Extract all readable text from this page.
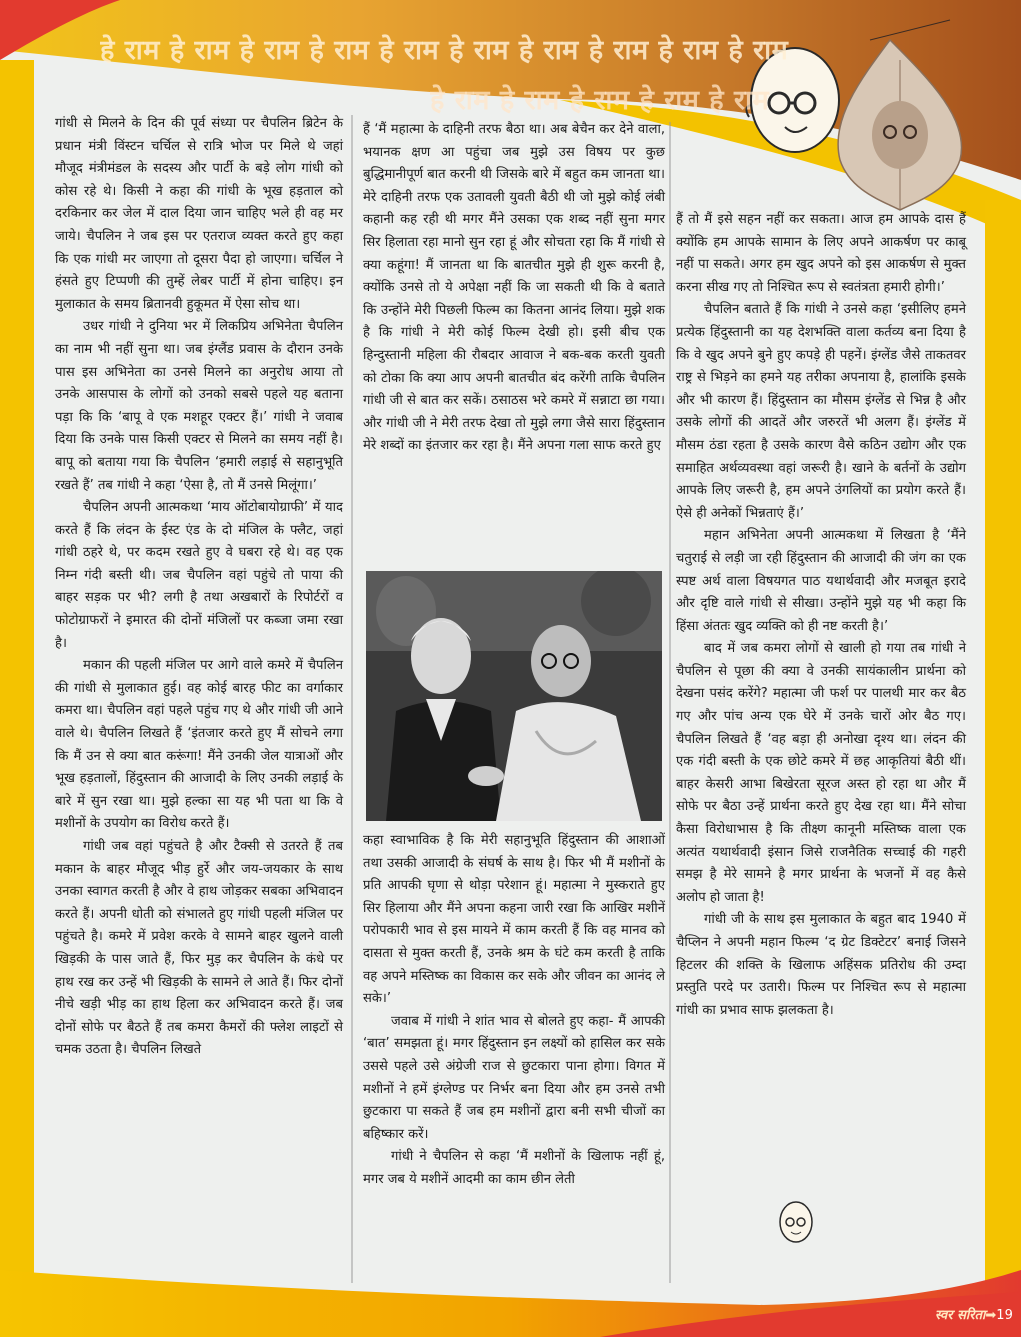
हे राम हे राम हे राम हे राम हे राम हे राम हे राम हे राम हे राम हे राम
हे राम हे राम हे राम हे राम हे राम

गांधी से मिलने के दिन की पूर्व संध्या पर चैपलिन ब्रिटेन के प्रधान मंत्री विंस्टन चर्चिल से रात्रि भोज पर मिले थे जहां मौजूद मंत्रीमंडल के सदस्य और पार्टी के बड़े लोग गांधी को कोस रहे थे। किसी ने कहा की गांधी के भूख हड़ताल को दरकिनार कर जेल में दाल दिया जान चाहिए भले ही वह मर जाये। चैपलिन ने जब इस पर एतराज व्यक्त करते हुए कहा कि एक गांधी मर जाएगा तो दूसरा पैदा हो जाएगा। चर्चिल ने हंसते हुए टिप्पणी की तुम्हें लेबर पार्टी में होना चाहिए। इन मुलाकात के समय ब्रितानवी हुकूमत में ऐसा सोच था।

उधर गांधी ने दुनिया भर में लिकप्रिय अभिनेता चैपलिन का नाम भी नहीं सुना था। जब इंग्लैंड प्रवास के दौरान उनके पास इस अभिनेता का उनसे मिलने का अनुरोध आया तो उनके आसपास के लोगों को उनको सबसे पहले यह बताना पड़ा कि कि ‘बापू वे एक मशहूर एक्टर हैं।’ गांधी ने जवाब दिया कि उनके पास किसी एक्टर से मिलने का समय नहीं है। बापू को बताया गया कि चैपलिन ‘हमारी लड़ाई से सहानुभूति रखते हैं’ तब गांधी ने कहा ‘ऐसा है, तो मैं उनसे मिलूंगा।’

चैपलिन अपनी आत्मकथा ‘माय ऑटोबायोग्राफी’ में याद करते हैं कि लंदन के ईस्ट एंड के दो मंजिल के फ्लैट, जहां गांधी ठहरे थे, पर कदम रखते हुए वे घबरा रहे थे। वह एक निम्न गंदी बस्ती थी। जब चैपलिन वहां पहुंचे तो पाया की बाहर सड़क पर भी? लगी है तथा अखबारों के रिपोर्टरों व फोटोग्राफरों ने इमारत की दोनों मंजिलों पर कब्जा जमा रखा है।

मकान की पहली मंजिल पर आगे वाले कमरे में चैपलिन की गांधी से मुलाकात हुई। वह कोई बारह फीट का वर्गाकार कमरा था। चैपलिन वहां पहले पहुंच गए थे और गांधी जी आने वाले थे। चैपलिन लिखते हैं ‘इंतजार करते हुए मैं सोचने लगा कि मैं उन से क्या बात करूंगा! मैंने उनकी जेल यात्राओं और भूख हड़तालों, हिंदुस्तान की आजादी के लिए उनकी लड़ाई के बारे में सुन रखा था। मुझे हल्का सा यह भी पता था कि वे मशीनों के उपयोग का विरोध करते हैं।

गांधी जब वहां पहुंचते है और टैक्सी से उतरते हैं तब मकान के बाहर मौजूद भीड़ हुर्रे और जय-जयकार के साथ उनका स्वागत करती है और वे हाथ जोड़कर सबका अभिवादन करते हैं। अपनी धोती को संभालते हुए गांधी पहली मंजिल पर पहुंचते है। कमरे में प्रवेश करके वे सामने बाहर खुलने वाली खिड़की के पास जाते हैं, फिर मुड़ कर चैपलिन के कंधे पर हाथ रख कर उन्हें भी खिड़की के सामने ले आते हैं। फिर दोनों नीचे खड़ी भीड़ का हाथ हिला कर अभिवादन करते हैं। जब दोनों सोफे पर बैठते हैं तब कमरा कैमरों की फ्लेश लाइटों से चमक उठता है। चैपलिन लिखते

हैं ‘मैं महात्मा के दाहिनी तरफ बैठा था। अब बेचैन कर देने वाला, भयानक क्षण आ पहुंचा जब मुझे उस विषय पर कुछ बुद्धिमानीपूर्ण बात करनी थी जिसके बारे में बहुत कम जानता था। मेरे दाहिनी तरफ एक उतावली युवती बैठी थी जो मुझे कोई लंबी कहानी कह रही थी मगर मैंने उसका एक शब्द नहीं सुना मगर सिर हिलाता रहा मानो सुन रहा हूं और सोचता रहा कि मैं गांधी से क्या कहूंगा! मैं जानता था कि बातचीत मुझे ही शुरू करनी है, क्योंकि उनसे तो ये अपेक्षा नहीं कि जा सकती थी कि वे बताते कि उन्होंने मेरी पिछली फिल्म का कितना आनंद लिया। मुझे शक है कि गांधी ने मेरी कोई फिल्म देखी हो। इसी बीच एक हिन्दुस्तानी महिला की रौबदार आवाज ने बक-बक करती युवती को टोका कि क्या आप अपनी बातचीत बंद करेंगी ताकि चैपलिन गांधी जी से बात कर सकें। ठसाठस भरे कमरे में सन्नाटा छा गया। और गांधी जी ने मेरी तरफ देखा तो मुझे लगा जैसे सारा हिंदुस्तान मेरे शब्दों का इंतजार कर रहा है। मैंने अपना गला साफ करते हुए

कहा स्वाभाविक है कि मेरी सहानुभूति हिंदुस्तान की आशाओं तथा उसकी आजादी के संघर्ष के साथ है। फिर भी मैं मशीनों के प्रति आपकी घृणा से थोड़ा परेशान हूं। महात्मा ने मुस्कराते हुए सिर हिलाया और मैंने अपना कहना जारी रखा कि आखिर मशीनें परोपकारी भाव से इस मायने में काम करती हैं कि वह मानव को दासता से मुक्त करती हैं, उनके श्रम के घंटे कम करती है ताकि वह अपने मस्तिष्क का विकास कर सके और जीवन का आनंद ले सके।’

जवाब में गांधी ने शांत भाव से बोलते हुए कहा- मैं आपकी ‘बात’ समझता हूं। मगर हिंदुस्तान इन लक्ष्यों को हासिल कर सके उससे पहले उसे अंग्रेजी राज से छुटकारा पाना होगा। विगत में मशीनों ने हमें इंग्लेण्ड पर निर्भर बना दिया और हम उनसे तभी छुटकारा पा सकते हैं जब हम मशीनों द्वारा बनी सभी चीजों का बहिष्कार करें।

गांधी ने चैपलिन से कहा ‘मैं मशीनों के खिलाफ नहीं हूं, मगर जब ये मशीनें आदमी का काम छीन लेती

हैं तो मैं इसे सहन नहीं कर सकता। आज हम आपके दास हैं क्योंकि हम आपके सामान के लिए अपने आकर्षण पर काबू नहीं पा सकते। अगर हम खुद अपने को इस आकर्षण से मुक्त करना सीख गए तो निश्चित रूप से स्वतंत्रता हमारी होगी।’

चैपलिन बताते हैं कि गांधी ने उनसे कहा ‘इसीलिए हमने प्रत्येक हिंदुस्तानी का यह देशभक्ति वाला कर्तव्य बना दिया है कि वे खुद अपने बुने हुए कपड़े ही पहनें। इंग्लेंड जैसे ताकतवर राष्ट्र से भिड़ने का हमने यह तरीका अपनाया है, हालांकि इसके और भी कारण हैं। हिंदुस्तान का मौसम इंग्लेंड से भिन्न है और उसके लोगों की आदतें और जरुरतें भी अलग हैं। इंग्लेंड में मौसम ठंडा रहता है उसके कारण वैसे कठिन उद्योग और एक समाहित अर्थव्यवस्था वहां जरूरी है। खाने के बर्तनों के उद्योग आपके लिए जरूरी है, हम अपने उंगलियों का प्रयोग करते हैं। ऐसे ही अनेकों भिन्नताएं हैं।’

महान अभिनेता अपनी आत्मकथा में लिखता है ‘मैंने चतुराई से लड़ी जा रही हिंदुस्तान की आजादी की जंग का एक स्पष्ट अर्थ वाला विषयगत पाठ यथार्थवादी और मजबूत इरादे और दृष्टि वाले गांधी से सीखा। उन्होंने मुझे यह भी कहा कि हिंसा अंततः खुद व्यक्ति को ही नष्ट करती है।’

बाद में जब कमरा लोगों से खाली हो गया तब गांधी ने चैपलिन से पूछा की क्या वे उनकी सायंकालीन प्रार्थना को देखना पसंद करेंगे? महात्मा जी फर्श पर पालथी मार कर बैठ गए और पांच अन्य एक घेरे में उनके चारों ओर बैठ गए। चैपलिन लिखते हैं ‘वह बड़ा ही अनोखा दृश्य था। लंदन की एक गंदी बस्ती के एक छोटे कमरे में छह आकृतियां बैठी थीं। बाहर केसरी आभा बिखेरता सूरज अस्त हो रहा था और मैं सोफे पर बैठा उन्हें प्रार्थना करते हुए देख रहा था। मैंने सोचा कैसा विरोधाभास है कि तीक्ष्ण कानूनी मस्तिष्क वाला एक अत्यंत यथार्थवादी इंसान जिसे राजनैतिक सच्चाई की गहरी समझ है मेरे सामने है मगर प्रार्थना के भजनों में वह कैसे अलोप हो जाता है!

गांधी जी के साथ इस मुलाकात के बहुत बाद 1940 में चैप्लिन ने अपनी महान फिल्म ‘द ग्रेट डिक्टेटर’ बनाई जिसने हिटलर की शक्ति के खिलाफ अहिंसक प्रतिरोध की उम्दा प्रस्तुति परदे पर उतारी। फिल्म पर निश्चित रूप से महात्मा गांधी का प्रभाव साफ झलकता है।

स्वर सरिता➡19
